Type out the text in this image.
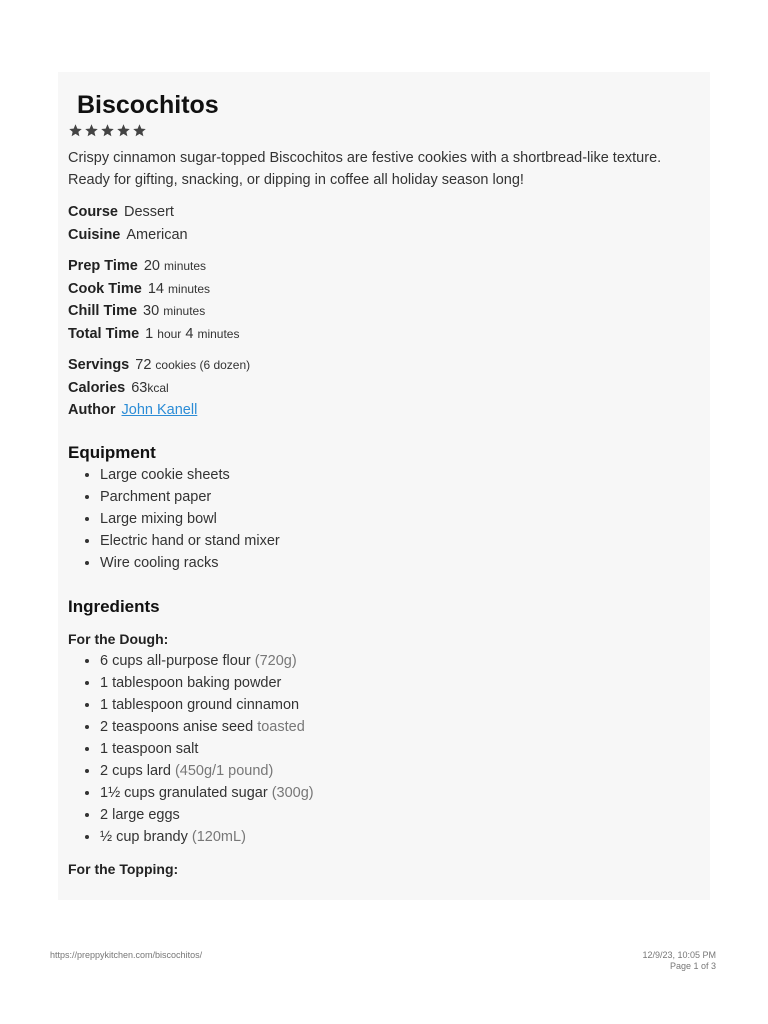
Biscochitos
Crispy cinnamon sugar-topped Biscochitos are festive cookies with a shortbread-like texture. Ready for gifting, snacking, or dipping in coffee all holiday season long!
Course Dessert
Cuisine American
Prep Time 20 minutes
Cook Time 14 minutes
Chill Time 30 minutes
Total Time 1 hour 4 minutes
Servings 72 cookies (6 dozen)
Calories 63kcal
Author John Kanell
Equipment
• Large cookie sheets
• Parchment paper
• Large mixing bowl
• Electric hand or stand mixer
• Wire cooling racks
Ingredients
For the Dough:
• 6 cups all-purpose flour (720g)
• 1 tablespoon baking powder
• 1 tablespoon ground cinnamon
• 2 teaspoons anise seed toasted
• 1 teaspoon salt
• 2 cups lard (450g/1 pound)
• 1½ cups granulated sugar (300g)
• 2 large eggs
• ½ cup brandy (120mL)
For the Topping:
https://preppykitchen.com/biscochitos/	12/9/23, 10:05 PM
Page 1 of 3
